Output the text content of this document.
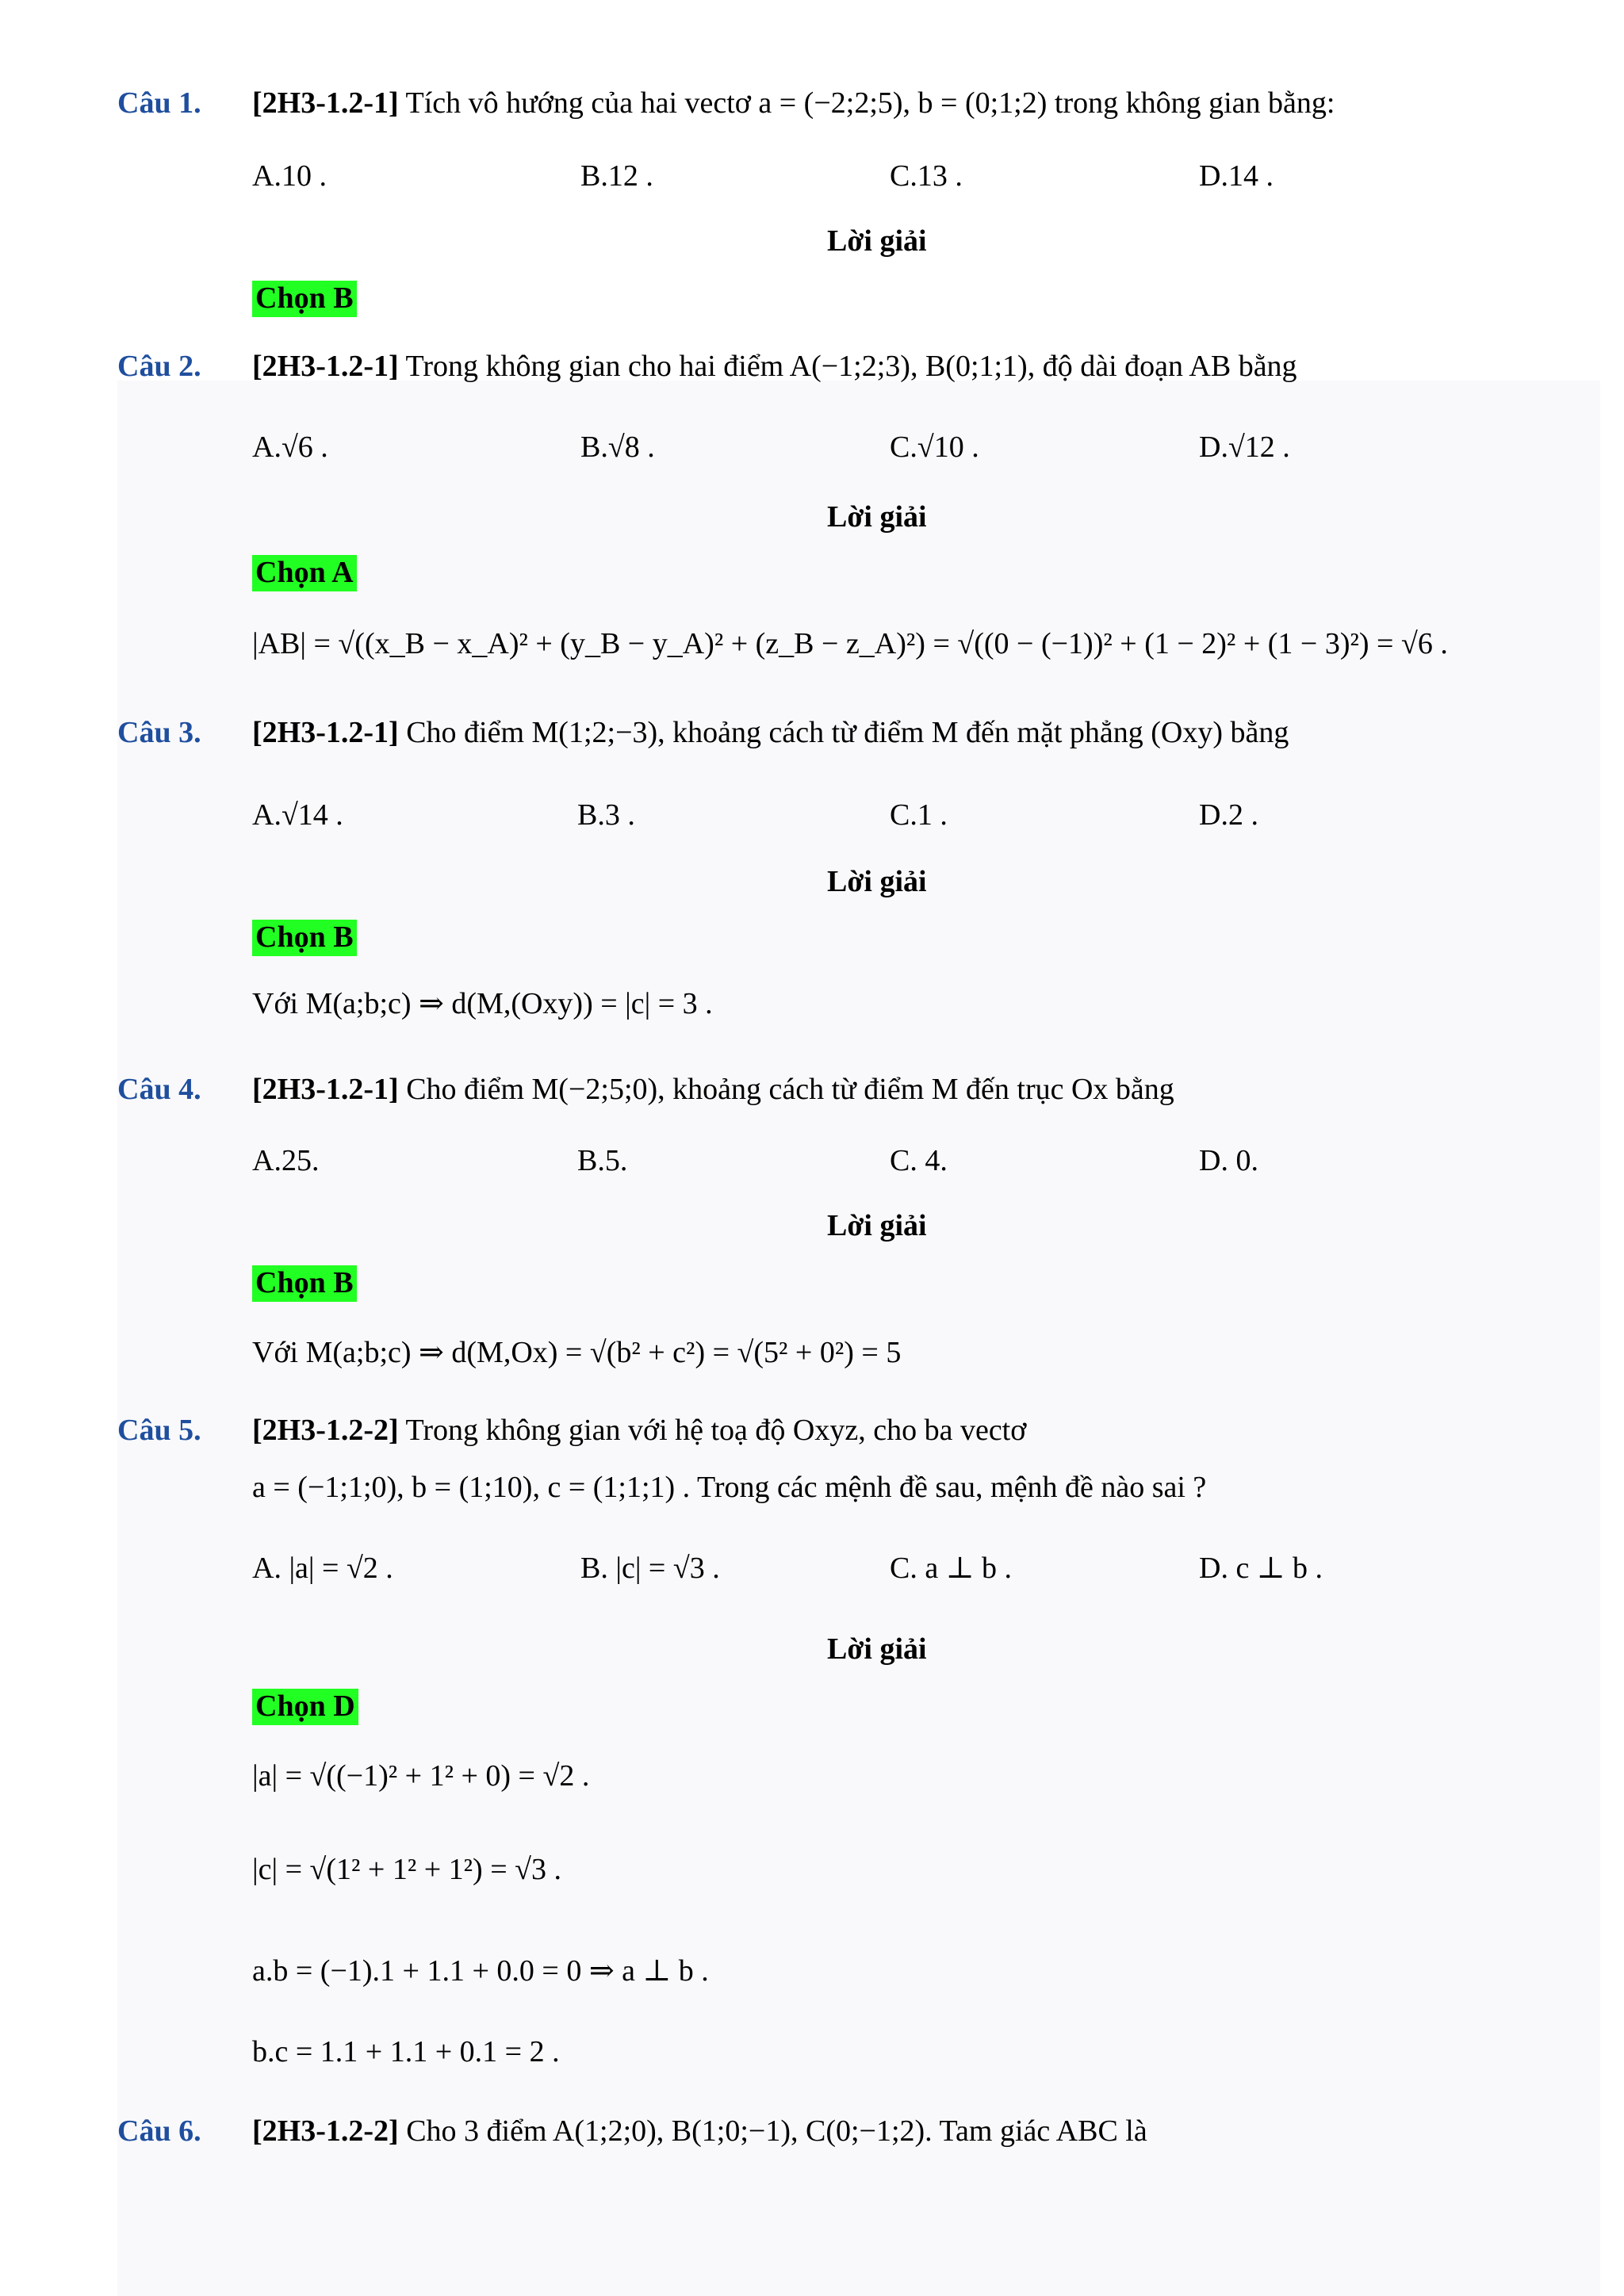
Câu 1. [2H3-1.2-1] Tích vô hướng của hai vectơ a = (−2;2;5), b = (0;1;2) trong không gian bằng:
A.10 .	B.12 .	C.13 .	D.14 .
Lời giải
Chọn B
Câu 2. [2H3-1.2-1] Trong không gian cho hai điểm A(−1;2;3), B(0;1;1), độ dài đoạn AB bằng
A.√6 .	B.√8 .	C.√10 .	D.√12 .
Lời giải
Chọn A
|AB| = √((x_B − x_A)² + (y_B − y_A)² + (z_B − z_A)²) = √((0 − (−1))² + (1 − 2)² + (1 − 3)²) = √6 .
Câu 3. [2H3-1.2-1] Cho điểm M(1;2;−3), khoảng cách từ điểm M đến mặt phẳng (Oxy) bằng
A.√14 .	B.3 .	C.1 .	D.2 .
Lời giải
Chọn B
Với M(a;b;c) ⇒ d(M,(Oxy)) = |c| = 3 .
Câu 4. [2H3-1.2-1] Cho điểm M(−2;5;0), khoảng cách từ điểm M đến trục Ox bằng
A.25.	B.5.	C. 4.	D. 0.
Lời giải
Chọn B
Với M(a;b;c) ⇒ d(M,Ox) = √(b² + c²) = √(5² + 0²) = 5
Câu 5. [2H3-1.2-2] Trong không gian với hệ toạ độ Oxyz, cho ba vectơ
a = (−1;1;0), b = (1;10), c = (1;1;1) . Trong các mệnh đề sau, mệnh đề nào sai ?
A. |a| = √2 .	B. |c| = √3 .	C. a ⊥ b .	D. c ⊥ b .
Lời giải
Chọn D
|a| = √((−1)² + 1² + 0) = √2 .
|c| = √(1² + 1² + 1²) = √3 .
a.b = (−1).1 + 1.1 + 0.0 = 0 ⇒ a ⊥ b .
b.c = 1.1 + 1.1 + 0.1 = 2 .
Câu 6. [2H3-1.2-2] Cho 3 điểm A(1;2;0), B(1;0;−1), C(0;−1;2). Tam giác ABC là
